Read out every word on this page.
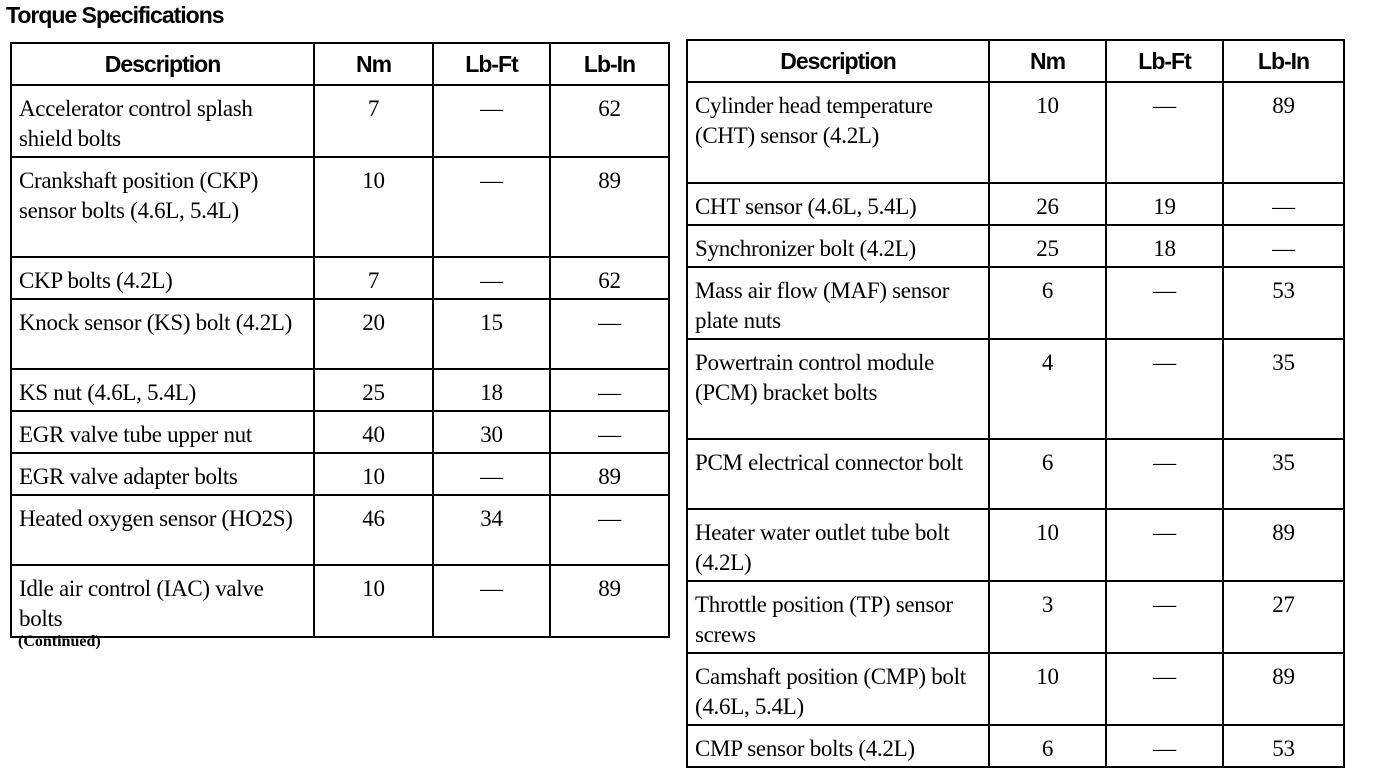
Torque Specifications
Description	Nm	Lb-Ft	Lb-In
Accelerator control splash shield bolts	7	—	62
Crankshaft position (CKP) sensor bolts (4.6L, 5.4L)	10	—	89
CKP bolts (4.2L)	7	—	62
Knock sensor (KS) bolt (4.2L)	20	15	—
KS nut (4.6L, 5.4L)	25	18	—
EGR valve tube upper nut	40	30	—
EGR valve adapter bolts	10	—	89
Heated oxygen sensor (HO2S)	46	34	—
Idle air control (IAC) valve bolts	10	—	89
(Continued)
Description	Nm	Lb-Ft	Lb-In
Cylinder head temperature (CHT) sensor (4.2L)	10	—	89
CHT sensor (4.6L, 5.4L)	26	19	—
Synchronizer bolt (4.2L)	25	18	—
Mass air flow (MAF) sensor plate nuts	6	—	53
Powertrain control module (PCM) bracket bolts	4	—	35
PCM electrical connector bolt	6	—	35
Heater water outlet tube bolt (4.2L)	10	—	89
Throttle position (TP) sensor screws	3	—	27
Camshaft position (CMP) bolt (4.6L, 5.4L)	10	—	89
CMP sensor bolts (4.2L)	6	—	53
